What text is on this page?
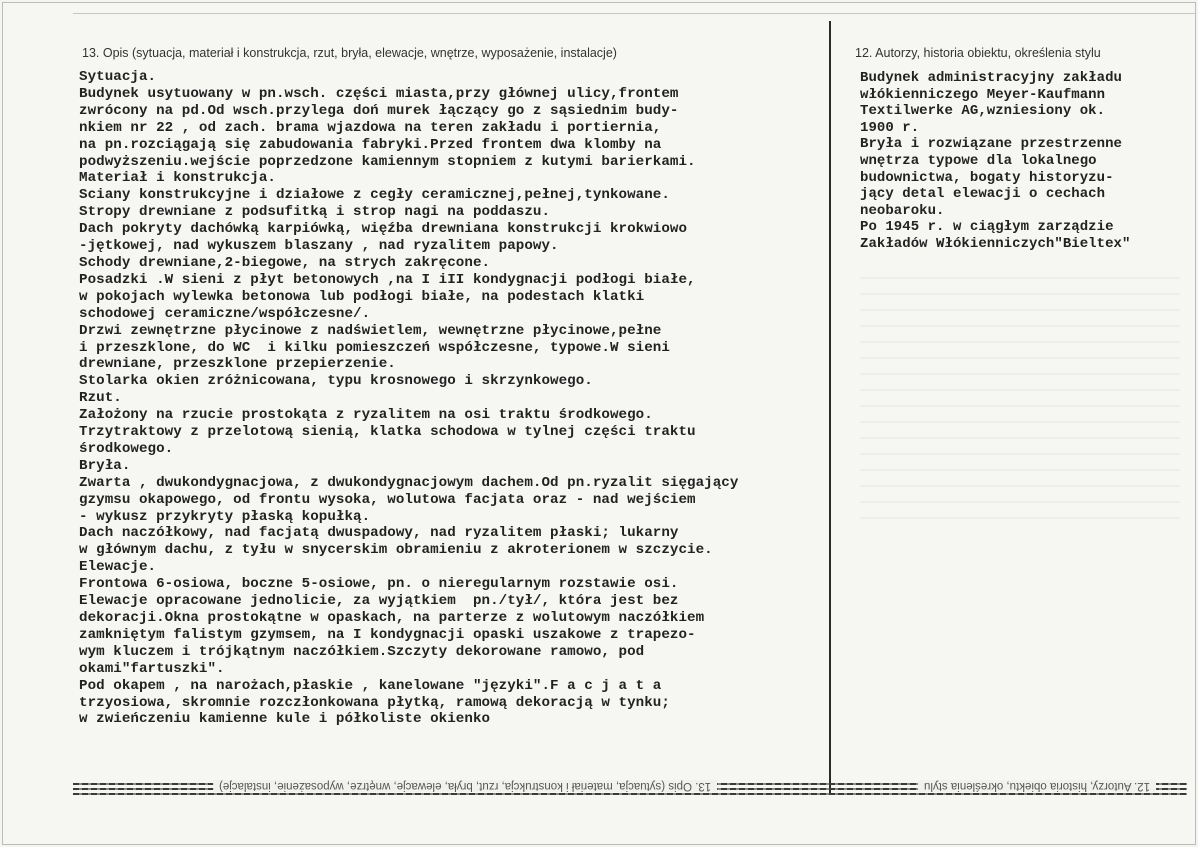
13. Opis (sytuacja, materiał i konstrukcja, rzut, bryła, elewacje, wnętrze, wyposażenie, instalacje)	12. Autorzy, historia obiektu, określenia stylu
Sytuacja.
Budynek usytuowany w pn.wsch. części miasta,przy głównej ulicy,frontem
zwrócony na pd.Od wsch.przylega doń murek łączący go z sąsiednim budy-
nkiem nr 22 , od zach. brama wjazdowa na teren zakładu i portiernia,
na pn.rozciągają się zabudowania fabryki.Przed frontem dwa klomby na
podwyższeniu.wejście poprzedzone kamiennym stopniem z kutymi barierkami.
Materiał i konstrukcja.
Sciany konstrukcyjne i działowe z cegły ceramicznej,pełnej,tynkowane.
Stropy drewniane z podsufitką i strop nagi na poddaszu.
Dach pokryty dachówką karpiówką, więźba drewniana konstrukcji krokwiowo
-jętkowej, nad wykuszem blaszany , nad ryzalitem papowy.
Schody drewniane,2-biegowe, na strych zakręcone.
Posadzki .W sieni z płyt betonowych ,na I iII kondygnacji podłogi białe,
w pokojach wylewka betonowa lub podłogi białe, na podestach klatki
schodowej ceramiczne/współczesne/.
Drzwi zewnętrzne płycinowe z nadświetlem, wewnętrzne płycinowe,pełne
i przeszklone, do WC  i kilku pomieszczeń współczesne, typowe.W sieni
drewniane, przeszklone przepierzenie.
Stolarka okien zróżnicowana, typu krosnowego i skrzynkowego.
Rzut.
Założony na rzucie prostokąta z ryzalitem na osi traktu środkowego.
Trzytraktowy z przelotową sienią, klatka schodowa w tylnej części traktu
środkowego.
Bryła.
Zwarta , dwukondygnacjowa, z dwukondygnacjowym dachem.Od pn.ryzalit sięgający
gzymsu okapowego, od frontu wysoka, wolutowa facjata oraz - nad wejściem
- wykusz przykryty płaską kopułką.
Dach naczółkowy, nad facjatą dwuspadowy, nad ryzalitem płaski; lukarny
w głównym dachu, z tyłu w snycerskim obramieniu z akroterionem w szczycie.
Elewacje.
Frontowa 6-osiowa, boczne 5-osiowe, pn. o nieregularnym rozstawie osi.
Elewacje opracowane jednolicie, za wyjątkiem  pn./tył/, która jest bez
dekoracji.Okna prostokątne w opaskach, na parterze z wolutowym naczółkiem
zamkniętym falistym gzymsem, na I kondygnacji opaski uszakowe z trapezo-
wym kluczem i trójkątnym naczółkiem.Szczyty dekorowane ramowo, pod
okami"fartuszki".
Pod okapem , na narożach,płaskie , kanelowane "języki".F a c j a t a
trzyosiowa, skromnie rozczłonkowana płytką, ramową dekoracją w tynku;
w zwieńczeniu kamienne kule i półkoliste okienko

Budynek administracyjny zakładu
włókienniczego Meyer-Kaufmann
Textilwerke AG,wzniesiony ok.
1900 r.
Bryła i rozwiązane przestrzenne
wnętrza typowe dla lokalnego
budownictwa, bogaty historyzu-
jący detal elewacji o cechach
neobaroku.
Po 1945 r. w ciągłym zarządzie
Zakładów Włókienniczych"Bieltex"

13. Opis (sytuacja, materiał i konstrukcja, rzut, bryła, elewacje, wnętrze, wyposażenie, instalacje)	12. Autorzy, historia obiektu, określenia stylu
